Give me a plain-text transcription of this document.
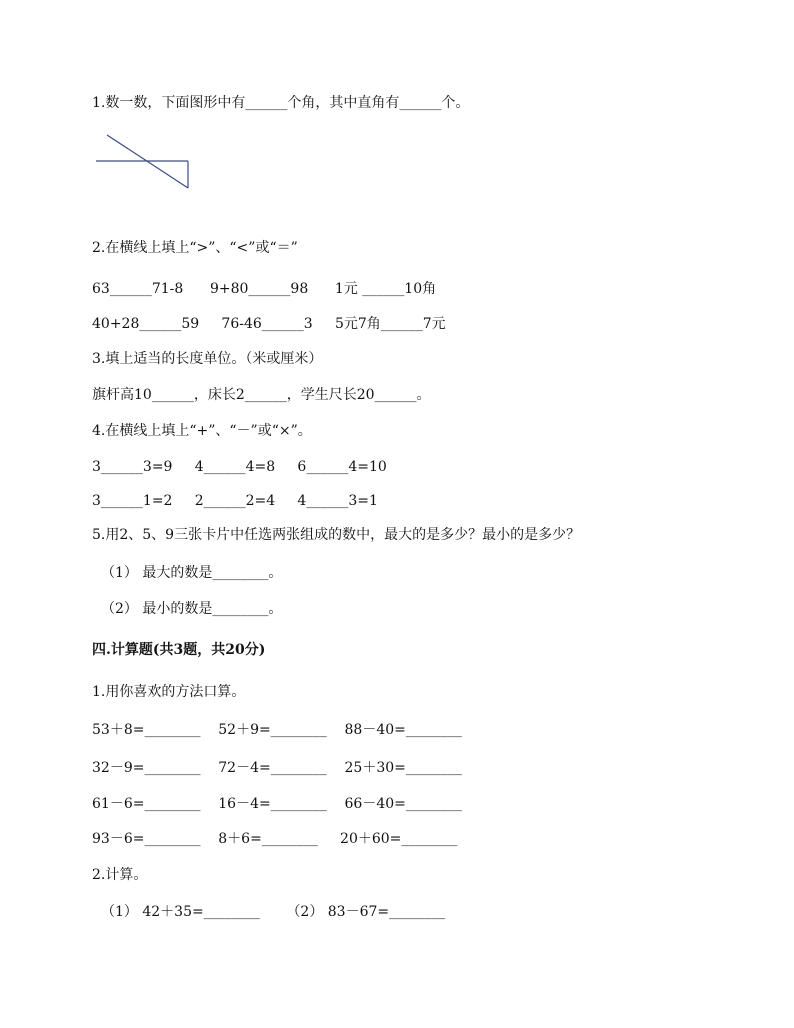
1.数一数，下面图形中有______个角，其中直角有______个。
2.在横线上填上“>”、“<”或“＝”
63______71-8      9+80______98      1元 ______10角
40+28______59     76-46______3     5元7角______7元
3.填上适当的长度单位。（米或厘米）
旗杆高10______，床长2______，学生尺长20______。
4.在横线上填上“+”、“－”或“×”。
3______3=9     4______4=8     6______4=10
3______1=2     2______2=4     4______3=1
5.用2、5、9三张卡片中任选两张组成的数中，最大的是多少？最小的是多少？
（1） 最大的数是________。
（2） 最小的数是________。
四.计算题(共3题，共20分)
1.用你喜欢的方法口算。
53＋8=________    52＋9=________    88－40=________
32－9=________    72－4=________    25＋30=________
61－6=________    16－4=________    66－40=________
93－6=________    8＋6=________     20＋60=________
2.计算。
（1） 42＋35=________      （2） 83－67=________
